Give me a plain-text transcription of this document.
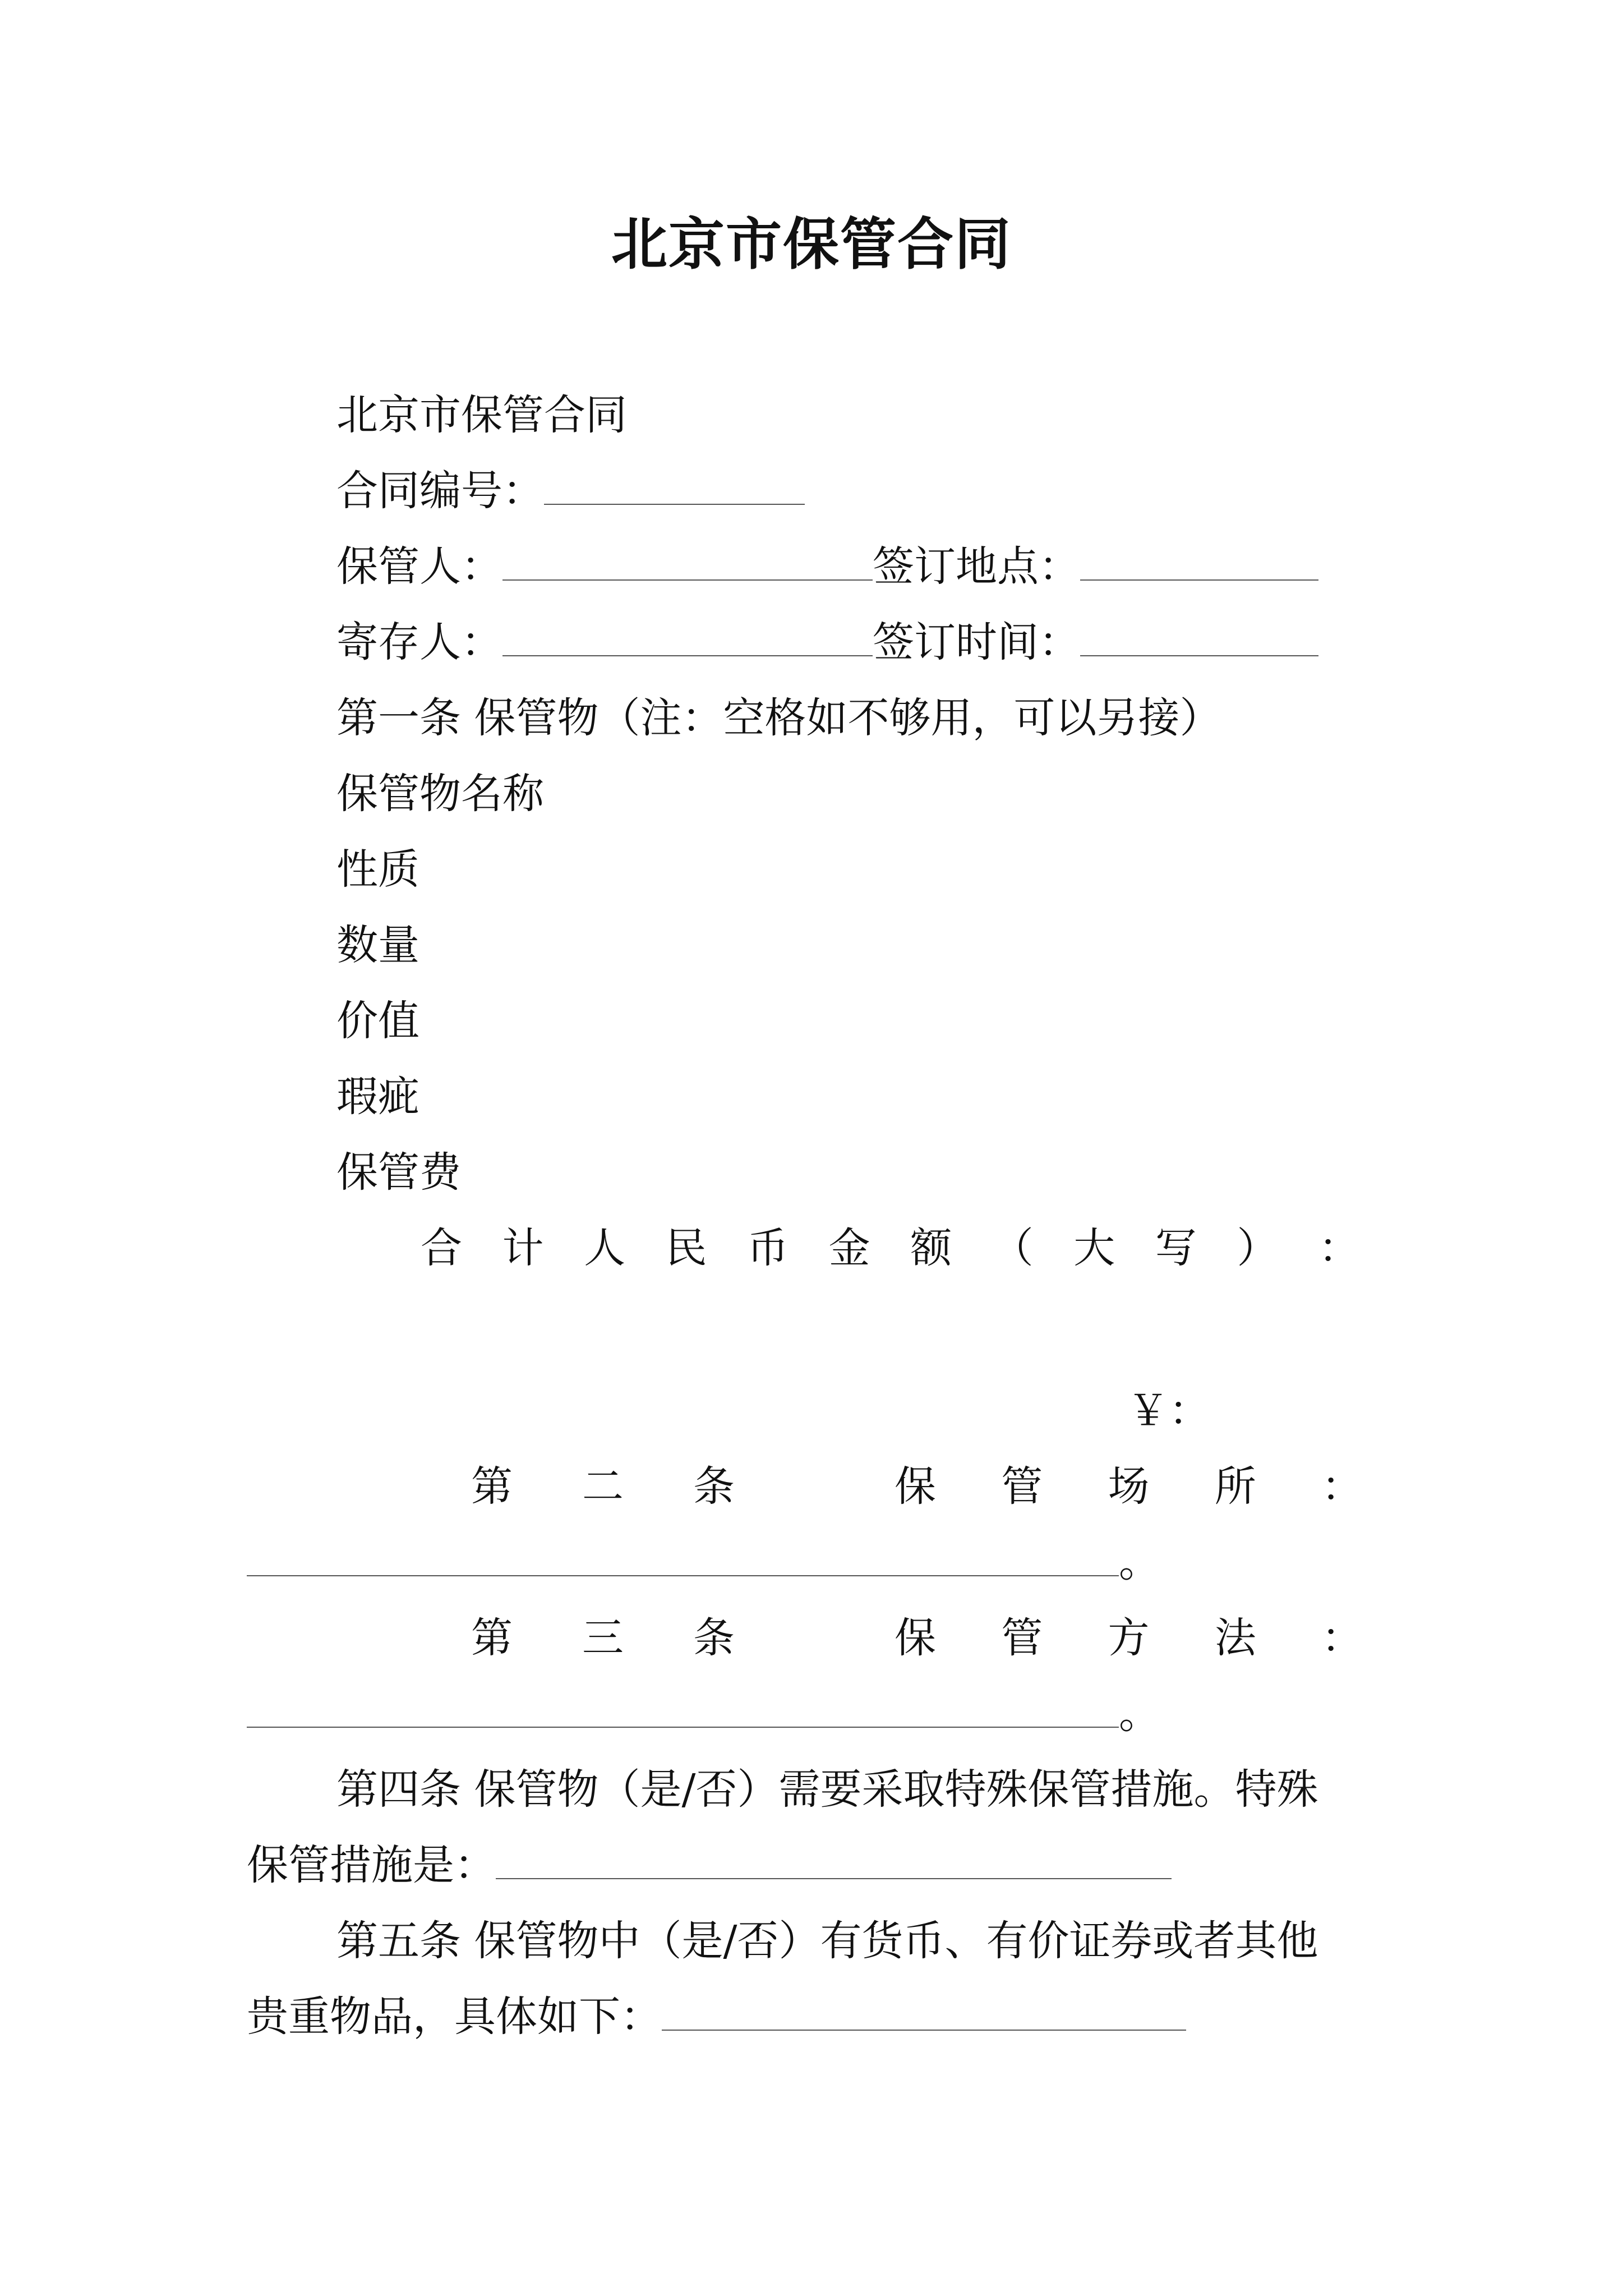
北京市保管合同
北京市保管合同
合同编号：
保管人：	签订地点：
寄存人：	签订时间：
第一条 保管物（注：空格如不够用，可以另接）
保管物名称
性质
数量
价值
瑕疵
保管费
合 计 人 民 币 金 额 （ 大 写 ） ：
￥：
第 二 条	保 管 场 所 ：
。
第 三 条	保 管 方 法 ：
。
第四条 保管物（是/否）需要采取特殊保管措施。特殊
保管措施是：
第五条 保管物中（是/否）有货币、有价证券或者其他
贵重物品，具体如下：
